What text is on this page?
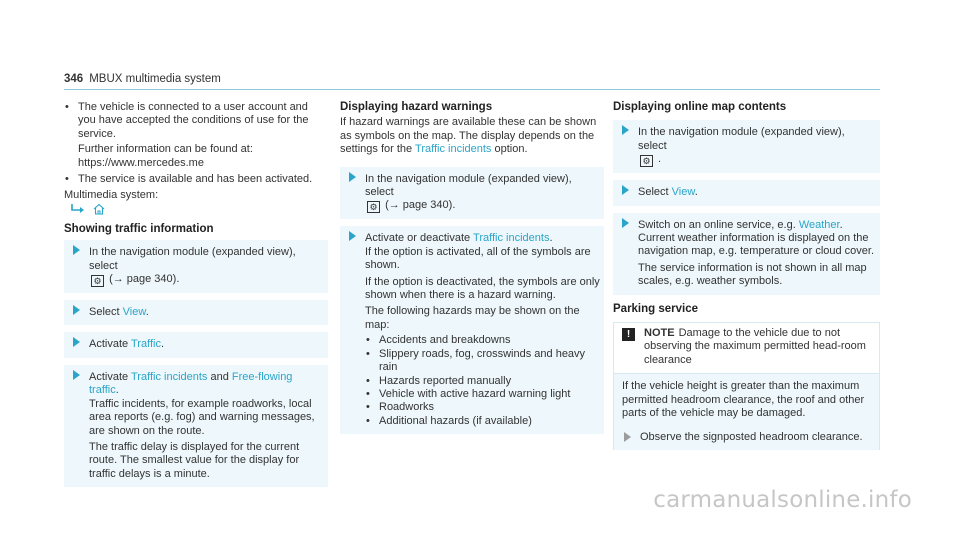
346 MBUX multimedia system

• The vehicle is connected to a user account and you have accepted the conditions of use for the service.

Further information can be found at: https://www.mercedes.me

• The service is available and has been activated.

Multimedia system:

Showing traffic information
In the navigation module (expanded view), select
⚙ (→ page 340).
Select View.
Activate Traffic.
Activate Traffic incidents and Free-flowing traffic.

Traffic incidents, for example roadworks, local area reports (e.g. fog) and warning messages, are shown on the route.

The traffic delay is displayed for the current route. The smallest value for the display for traffic delays is a minute.

Displaying hazard warnings

If hazard warnings are available these can be shown as symbols on the map. The display depends on the settings for the Traffic incidents option.

In the navigation module (expanded view), select
⚙ (→ page 340).
Activate or deactivate Traffic incidents.

If the option is activated, all of the symbols are shown.

If the option is deactivated, the symbols are only shown when there is a hazard warning.

The following hazards may be shown on the map:

• Accidents and breakdowns
• Slippery roads, fog, crosswinds and heavy rain
• Hazards reported manually
• Vehicle with active hazard warning light
• Roadworks
• Additional hazards (if available)
Displaying online map contents
In the navigation module (expanded view), select
⚙ .
Select View.
Switch on an online service, e.g. Weather.

Current weather information is displayed on the navigation map, e.g. temperature or cloud cover.

The service information is not shown in all map scales, e.g. weather symbols.

Parking service
!	NOTE Damage to the vehicle due to not observing the maximum permitted head-room clearance

If the vehicle height is greater than the maximum permitted headroom clearance, the roof and other parts of the vehicle may be damaged.

Observe the signposted headroom clearance.
carmanualsonline.info
